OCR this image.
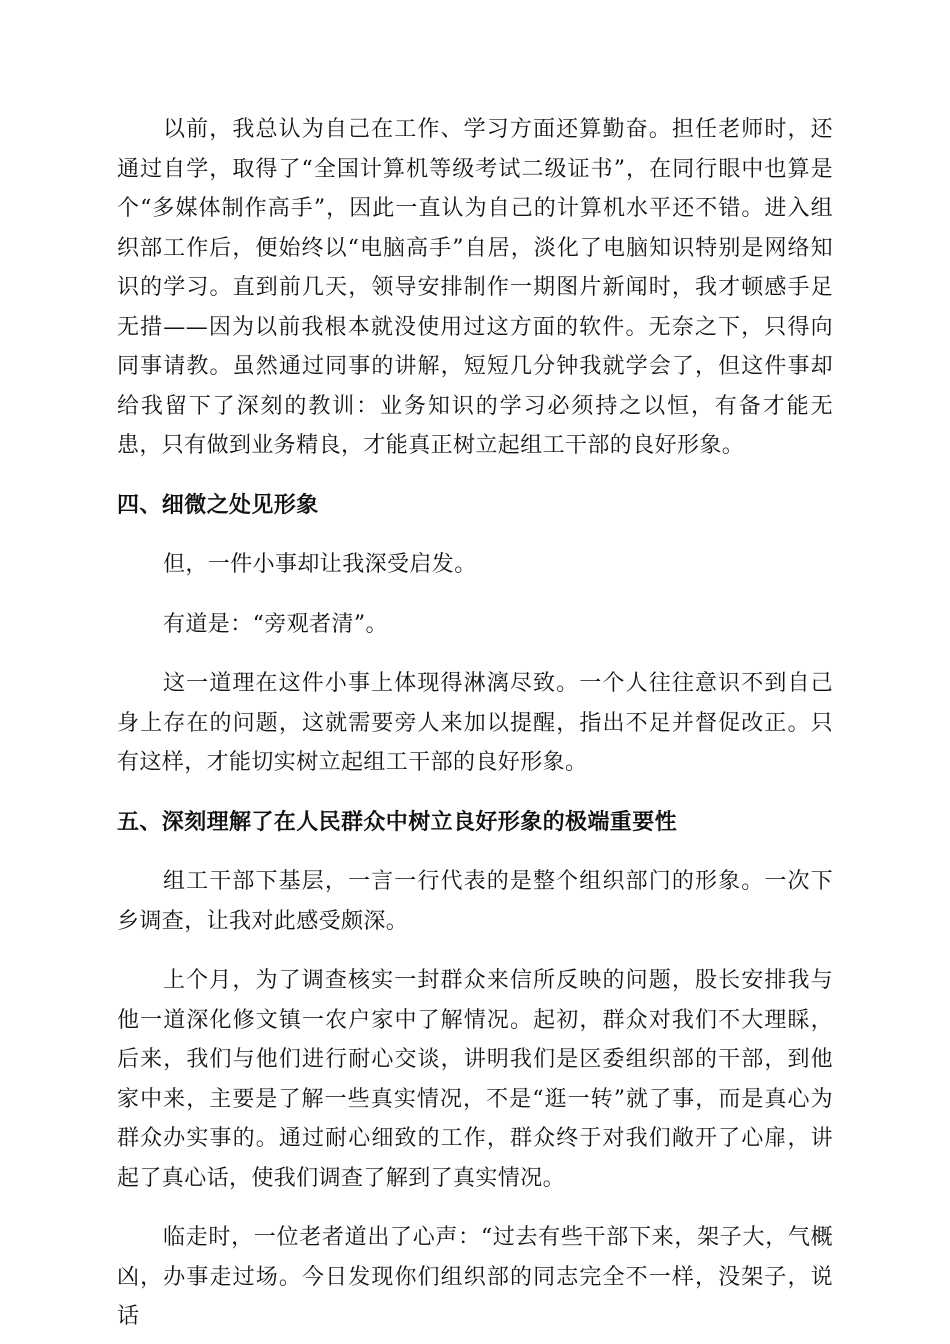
以前，我总认为自己在工作、学习方面还算勤奋。担任老师时，还通过自学，取得了“全国计算机等级考试二级证书”，在同行眼中也算是个“多媒体制作高手”，因此一直认为自己的计算机水平还不错。进入组织部工作后，便始终以“电脑高手”自居，淡化了电脑知识特别是网络知识的学习。直到前几天，领导安排制作一期图片新闻时，我才顿感手足无措——因为以前我根本就没使用过这方面的软件。无奈之下，只得向同事请教。虽然通过同事的讲解，短短几分钟我就学会了，但这件事却给我留下了深刻的教训：业务知识的学习必须持之以恒，有备才能无患，只有做到业务精良，才能真正树立起组工干部的良好形象。

四、细微之处见形象

但，一件小事却让我深受启发。

有道是：“旁观者清”。

这一道理在这件小事上体现得淋漓尽致。一个人往往意识不到自己身上存在的问题，这就需要旁人来加以提醒，指出不足并督促改正。只有这样，才能切实树立起组工干部的良好形象。

五、深刻理解了在人民群众中树立良好形象的极端重要性

组工干部下基层，一言一行代表的是整个组织部门的形象。一次下乡调查，让我对此感受颇深。

上个月，为了调查核实一封群众来信所反映的问题，股长安排我与他一道深化修文镇一农户家中了解情况。起初，群众对我们不大理睬，后来，我们与他们进行耐心交谈，讲明我们是区委组织部的干部，到他家中来，主要是了解一些真实情况，不是“逛一转”就了事，而是真心为群众办实事的。通过耐心细致的工作，群众终于对我们敞开了心扉，讲起了真心话，使我们调查了解到了真实情况。

临走时，一位老者道出了心声：“过去有些干部下来，架子大，气概凶，办事走过场。今日发现你们组织部的同志完全不一样，没架子，说话
